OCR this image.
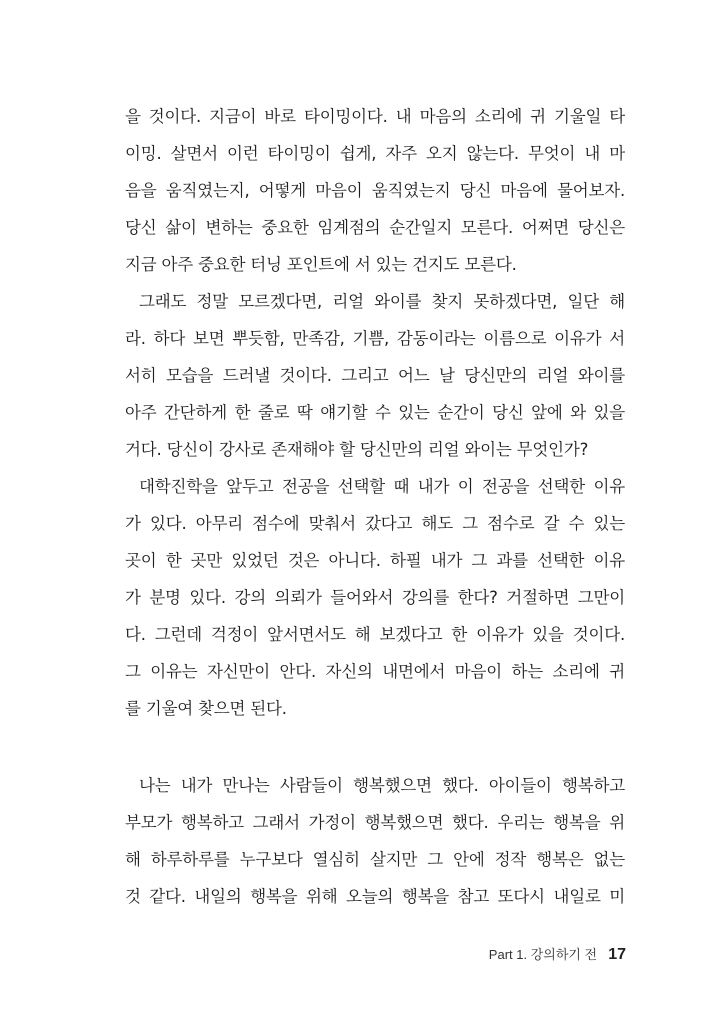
을 것이다. 지금이 바로 타이밍이다. 내 마음의 소리에 귀 기울일 타
이밍. 살면서 이런 타이밍이 쉽게, 자주 오지 않는다. 무엇이 내 마
음을 움직였는지, 어떻게 마음이 움직였는지 당신 마음에 물어보자.
당신 삶이 변하는 중요한 임계점의 순간일지 모른다. 어쩌면 당신은
지금 아주 중요한 터닝 포인트에 서 있는 건지도 모른다.
그래도 정말 모르겠다면, 리얼 와이를 찾지 못하겠다면, 일단 해
라. 하다 보면 뿌듯함, 만족감, 기쁨, 감동이라는 이름으로 이유가 서
서히 모습을 드러낼 것이다. 그리고 어느 날 당신만의 리얼 와이를
아주 간단하게 한 줄로 딱 얘기할 수 있는 순간이 당신 앞에 와 있을
거다. 당신이 강사로 존재해야 할 당신만의 리얼 와이는 무엇인가?
대학진학을 앞두고 전공을 선택할 때 내가 이 전공을 선택한 이유
가 있다. 아무리 점수에 맞춰서 갔다고 해도 그 점수로 갈 수 있는
곳이 한 곳만 있었던 것은 아니다. 하필 내가 그 과를 선택한 이유
가 분명 있다. 강의 의뢰가 들어와서 강의를 한다? 거절하면 그만이
다. 그런데 걱정이 앞서면서도 해 보겠다고 한 이유가 있을 것이다.
그 이유는 자신만이 안다. 자신의 내면에서 마음이 하는 소리에 귀
를 기울여 찾으면 된다.
나는 내가 만나는 사람들이 행복했으면 했다. 아이들이 행복하고
부모가 행복하고 그래서 가정이 행복했으면 했다. 우리는 행복을 위
해 하루하루를 누구보다 열심히 살지만 그 안에 정작 행복은 없는
것 같다. 내일의 행복을 위해 오늘의 행복을 참고 또다시 내일로 미
Part 1. 강의하기 전 17
